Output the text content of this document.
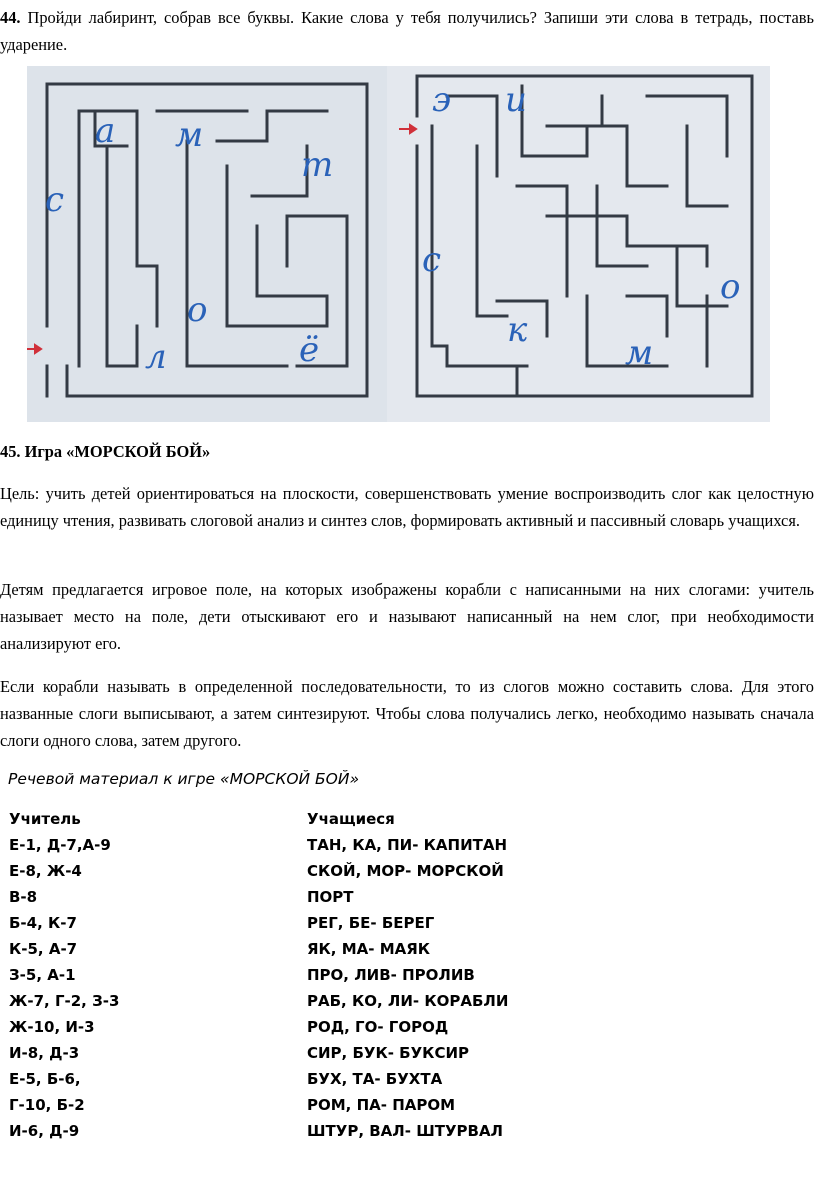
44. Пройди лабиринт, собрав все буквы. Какие слова у тебя получились? Запиши эти слова в тетрадь, поставь ударение.

а м т с о л	ё
э и с о к м

45. Игра «МОРСКОЙ БОЙ»

Цель: учить детей ориентироваться на плоскости, совершенствовать умение воспроизводить слог как целостную единицу чтения, развивать слоговой анализ и синтез слов, формировать активный и пассивный словарь учащихся.

Детям предлагается игровое поле, на которых изображены корабли с написанными на них слогами: учитель называет место на поле, дети отыскивают его и называют написанный на нем слог, при необходимости анализируют его.

Если корабли называть в определенной последовательности, то из слогов можно составить слова. Для этого названные слоги выписывают, а затем синтезируют. Чтобы слова получались легко, необходимо называть сначала слоги одного слова, затем другого.

Речевой материал к игре «МОРСКОЙ БОЙ»

Учитель	Учащиеся
Е-1, Д-7,А-9	ТАН, КА, ПИ- КАПИТАН
Е-8, Ж-4	СКОЙ, МОР- МОРСКОЙ
В-8	ПОРТ
Б-4, К-7	РЕГ, БЕ- БЕРЕГ
К-5, А-7	ЯК, МА- МАЯК
З-5, А-1	ПРО, ЛИВ- ПРОЛИВ
Ж-7, Г-2, З-3	РАБ, КО, ЛИ- КОРАБЛИ
Ж-10, И-3	РОД, ГО- ГОРОД
И-8, Д-3	СИР, БУК- БУКСИР
Е-5, Б-6,	БУХ, ТА- БУХТА
Г-10, Б-2	РОМ, ПА- ПАРОМ
И-6, Д-9	ШТУР, ВАЛ- ШТУРВАЛ
